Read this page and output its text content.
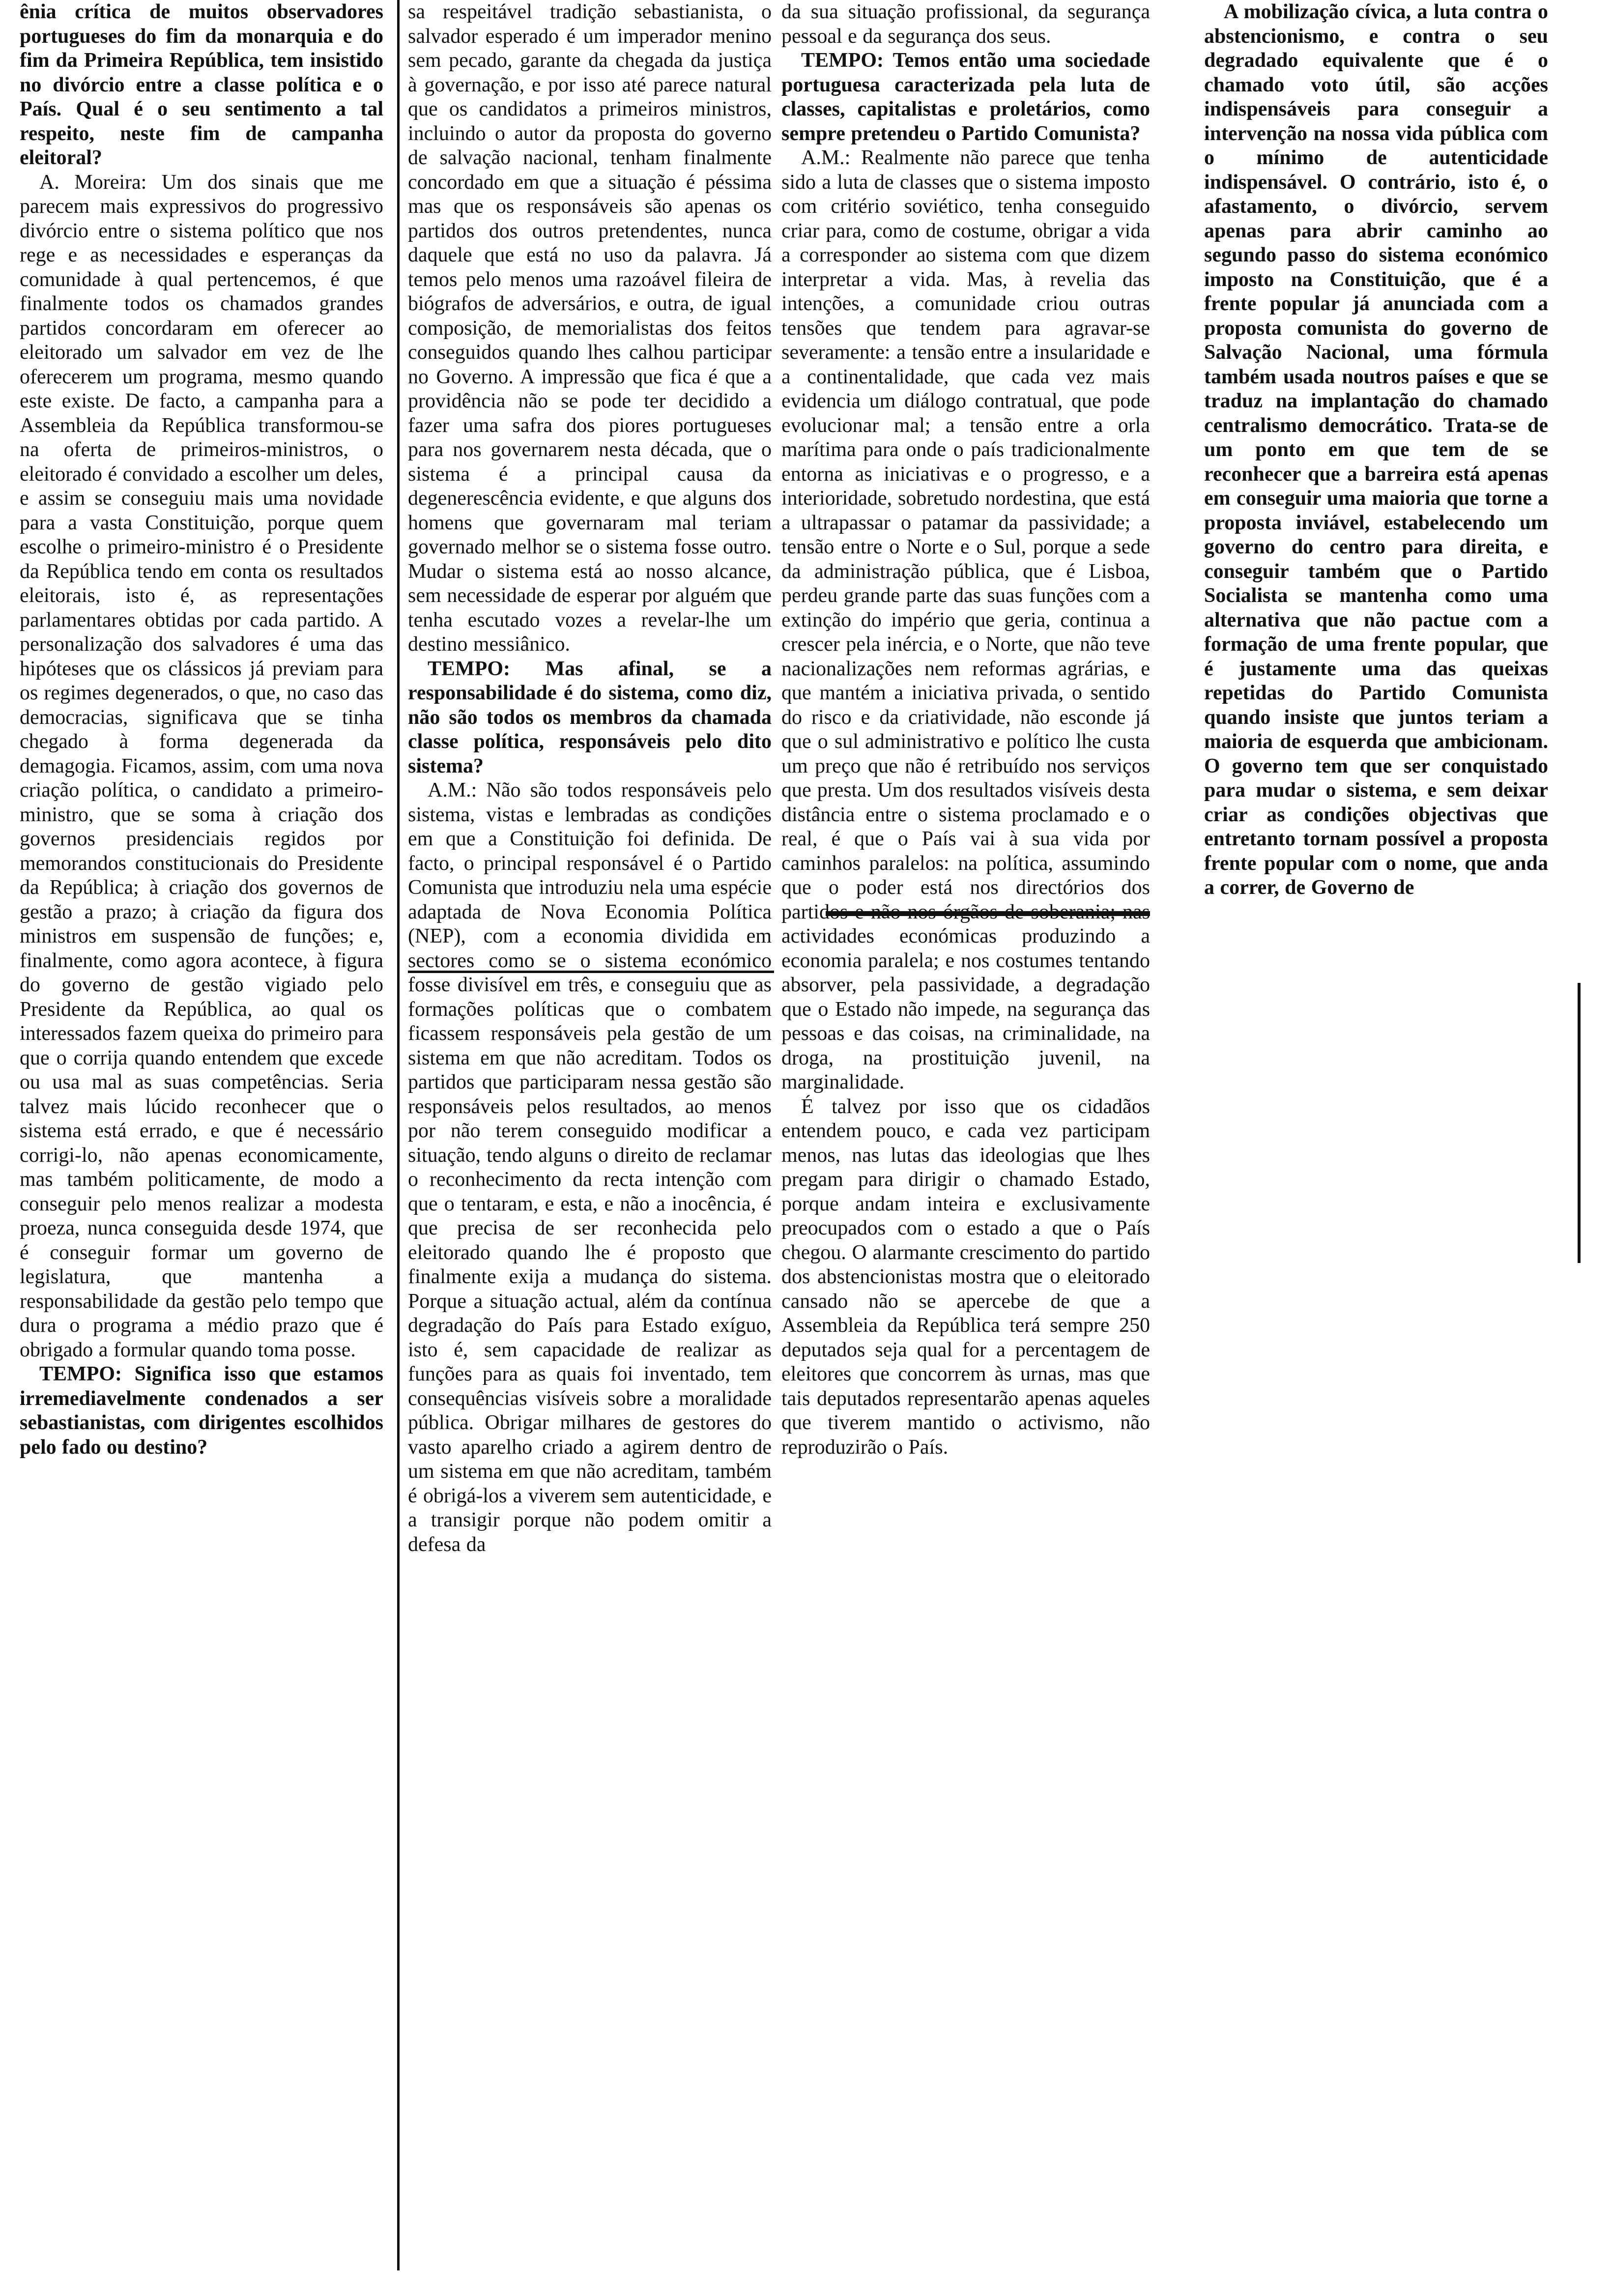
ênia crítica de muitos observadores portugueses do fim da monarquia e do fim da Primeira República, tem insistido no divórcio entre a classe política e o País. Qual é o seu sentimento a tal respeito, neste fim de campanha eleitoral?

A. Moreira: Um dos sinais que me parecem mais expressivos do progressivo divórcio entre o sistema político que nos rege e as necessidades e esperanças da comunidade à qual pertencemos, é que finalmente todos os chamados grandes partidos concordaram em oferecer ao eleitorado um salvador em vez de lhe oferecerem um programa, mesmo quando este existe. De facto, a campanha para a Assembleia da República transformou-se na oferta de primeiros-ministros, o eleitorado é convidado a escolher um deles, e assim se conseguiu mais uma novidade para a vasta Constituição, porque quem escolhe o primeiro-ministro é o Presidente da República tendo em conta os resultados eleitorais, isto é, as representações parlamentares obtidas por cada partido. A personalização dos salvadores é uma das hipóteses que os clássicos já previam para os regimes degenerados, o que, no caso das democracias, significava que se tinha chegado à forma degenerada da demagogia. Ficamos, assim, com uma nova criação política, o candidato a primeiro-ministro, que se soma à criação dos governos presidenciais regidos por memorandos constitucionais do Presidente da República; à criação dos governos de gestão a prazo; à criação da figura dos ministros em suspensão de funções; e, finalmente, como agora acontece, à figura do governo de gestão vigiado pelo Presidente da República, ao qual os interessados fazem queixa do primeiro para que o corrija quando entendem que excede ou usa mal as suas competências. Seria talvez mais lúcido reconhecer que o sistema está errado, e que é necessário corrigi-lo, não apenas economicamente, mas também politicamente, de modo a conseguir pelo menos realizar a modesta proeza, nunca conseguida desde 1974, que é conseguir formar um governo de legislatura, que mantenha a responsabilidade da gestão pelo tempo que dura o programa a médio prazo que é obrigado a formular quando toma posse.

TEMPO: Significa isso que estamos irremediavelmente condenados a ser sebastianistas, com dirigentes escolhidos pelo fado ou destino?

sa respeitável tradição sebastianista, o salvador esperado é um imperador menino sem pecado, garante da chegada da justiça à governação, e por isso até parece natural que os candidatos a primeiros ministros, incluindo o autor da proposta do governo de salvação nacional, tenham finalmente concordado em que a situação é péssima mas que os responsáveis são apenas os partidos dos outros pretendentes, nunca daquele que está no uso da palavra. Já temos pelo menos uma razoável fileira de biógrafos de adversários, e outra, de igual composição, de memorialistas dos feitos conseguidos quando lhes calhou participar no Governo. A impressão que fica é que a providência não se pode ter decidido a fazer uma safra dos piores portugueses para nos governarem nesta década, que o sistema é a principal causa da degenerescência evidente, e que alguns dos homens que governaram mal teriam governado melhor se o sistema fosse outro. Mudar o sistema está ao nosso alcance, sem necessidade de esperar por alguém que tenha escutado vozes a revelar-lhe um destino messiânico.

TEMPO: Mas afinal, se a responsabilidade é do sistema, como diz, não são todos os membros da chamada classe política, responsáveis pelo dito sistema?

A.M.: Não são todos responsáveis pelo sistema, vistas e lembradas as condições em que a Constituição foi definida. De facto, o principal responsável é o Partido Comunista que introduziu nela uma espécie adaptada de Nova Economia Política (NEP), com a economia dividida em sectores como se o sistema económico fosse divisível em três, e conseguiu que as formações políticas que o combatem ficassem responsáveis pela gestão de um sistema em que não acreditam. Todos os partidos que participaram nessa gestão são responsáveis pelos resultados, ao menos por não terem conseguido modificar a situação, tendo alguns o direito de reclamar o reconhecimento da recta intenção com que o tentaram, e esta, e não a inocência, é que precisa de ser reconhecida pelo eleitorado quando lhe é proposto que finalmente exija a mudança do sistema. Porque a situação actual, além da contínua degradação do País para Estado exíguo, isto é, sem capacidade de realizar as funções para as quais foi inventado, tem consequências visíveis sobre a moralidade pública. Obrigar milhares de gestores do vasto aparelho criado a agirem dentro de um sistema em que não acreditam, também é obrigá-los a viverem sem autenticidade, e a transigir porque não podem omitir a defesa da

da sua situação profissional, da segurança pessoal e da segurança dos seus.

TEMPO: Temos então uma sociedade portuguesa caracterizada pela luta de classes, capitalistas e proletários, como sempre pretendeu o Partido Comunista?

A.M.: Realmente não parece que tenha sido a luta de classes que o sistema imposto com critério soviético, tenha conseguido criar para, como de costume, obrigar a vida a corresponder ao sistema com que dizem interpretar a vida. Mas, à revelia das intenções, a comunidade criou outras tensões que tendem para agravar-se severamente: a tensão entre a insularidade e a continentalidade, que cada vez mais evidencia um diálogo contratual, que pode evolucionar mal; a tensão entre a orla marítima para onde o país tradicionalmente entorna as iniciativas e o progresso, e a interioridade, sobretudo nordestina, que está a ultrapassar o patamar da passividade; a tensão entre o Norte e o Sul, porque a sede da administração pública, que é Lisboa, perdeu grande parte das suas funções com a extinção do império que geria, continua a crescer pela inércia, e o Norte, que não teve nacionalizações nem reformas agrárias, e que mantém a iniciativa privada, o sentido do risco e da criatividade, não esconde já que o sul administrativo e político lhe custa um preço que não é retribuído nos serviços que presta. Um dos resultados visíveis desta distância entre o sistema proclamado e o real, é que o País vai à sua vida por caminhos paralelos: na política, assumindo que o poder está nos directórios dos partidos e não nos órgãos de soberania; nas actividades económicas produzindo a economia paralela; e nos costumes tentando absorver, pela passividade, a degradação que o Estado não impede, na segurança das pessoas e das coisas, na criminalidade, na droga, na prostituição juvenil, na marginalidade.

É talvez por isso que os cidadãos entendem pouco, e cada vez participam menos, nas lutas das ideologias que lhes pregam para dirigir o chamado Estado, porque andam inteira e exclusivamente preocupados com o estado a que o País chegou. O alarmante crescimento do partido dos abstencionistas mostra que o eleitorado cansado não se apercebe de que a Assembleia da República terá sempre 250 deputados seja qual for a percentagem de eleitores que concorrem às urnas, mas que tais deputados representarão apenas aqueles que tiverem mantido o activismo, não reproduzirão o País.

A mobilização cívica, a luta contra o abstencionismo, e contra o seu degradado equivalente que é o chamado voto útil, são acções indispensáveis para conseguir a intervenção na nossa vida pública com o mínimo de autenticidade indispensável. O contrário, isto é, o afastamento, o divórcio, servem apenas para abrir caminho ao segundo passo do sistema económico imposto na Constituição, que é a frente popular já anunciada com a proposta comunista do governo de Salvação Nacional, uma fórmula também usada noutros países e que se traduz na implantação do chamado centralismo democrático. Trata-se de um ponto em que tem de se reconhecer que a barreira está apenas em conseguir uma maioria que torne a proposta inviável, estabelecendo um governo do centro para direita, e conseguir também que o Partido Socialista se mantenha como uma alternativa que não pactue com a formação de uma frente popular, que é justamente uma das queixas repetidas do Partido Comunista quando insiste que juntos teriam a maioria de esquerda que ambicionam. O governo tem que ser conquistado para mudar o sistema, e sem deixar criar as condições objectivas que entretanto tornam possível a proposta frente popular com o nome, que anda a correr, de Governo de
